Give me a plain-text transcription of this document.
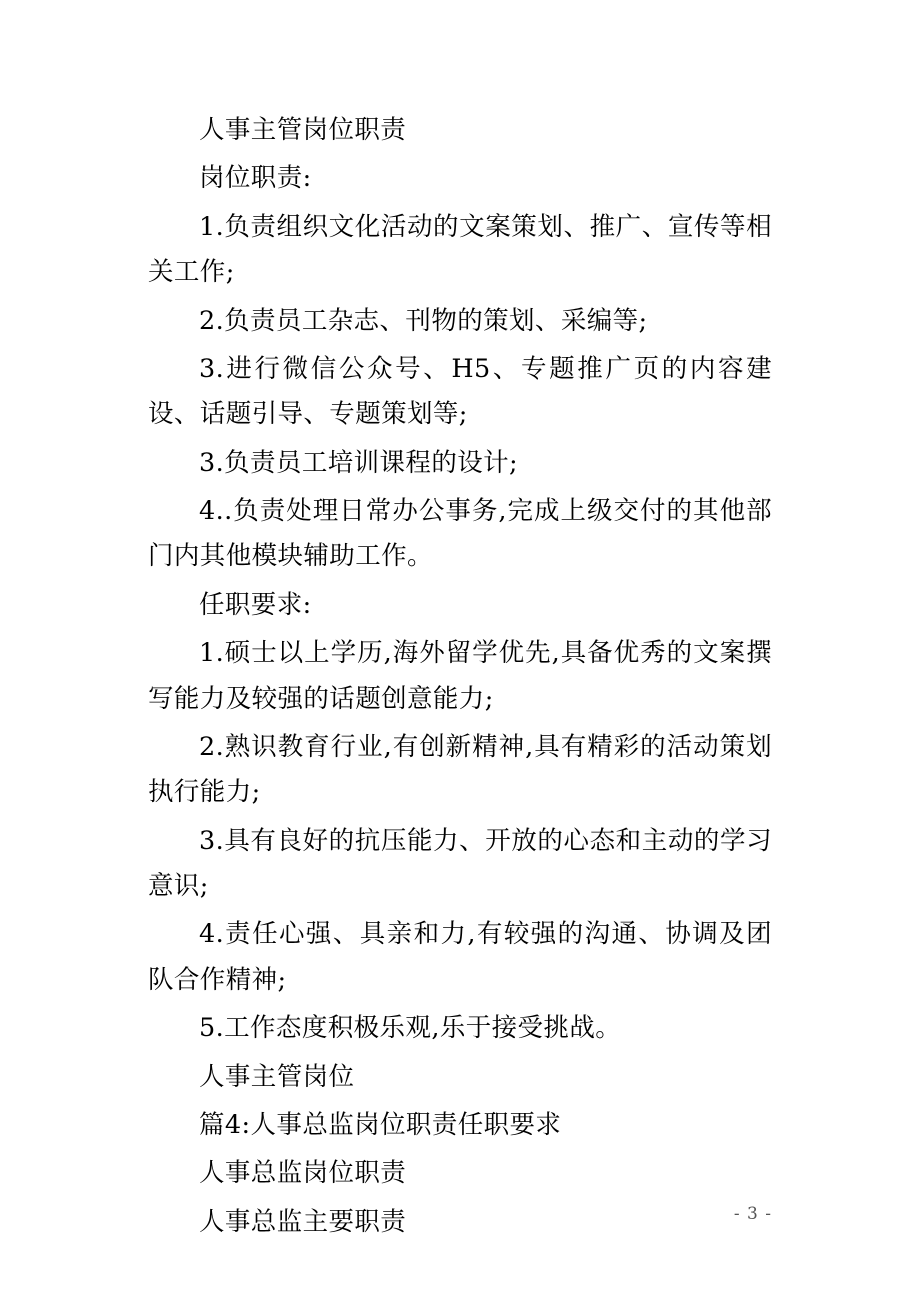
人事主管岗位职责

岗位职责:

1.负责组织文化活动的文案策划、推广、宣传等相关工作;

2.负责员工杂志、刊物的策划、采编等;

3.进行微信公众号、H5、专题推广页的内容建设、话题引导、专题策划等;

3.负责员工培训课程的设计;

4..负责处理日常办公事务,完成上级交付的其他部门内其他模块辅助工作。

任职要求:

1.硕士以上学历,海外留学优先,具备优秀的文案撰写能力及较强的话题创意能力;

2.熟识教育行业,有创新精神,具有精彩的活动策划执行能力;

3.具有良好的抗压能力、开放的心态和主动的学习意识;

4.责任心强、具亲和力,有较强的沟通、协调及团队合作精神;

5.工作态度积极乐观,乐于接受挑战。

人事主管岗位

篇4:人事总监岗位职责任职要求

人事总监岗位职责

人事总监主要职责	- 3 -
